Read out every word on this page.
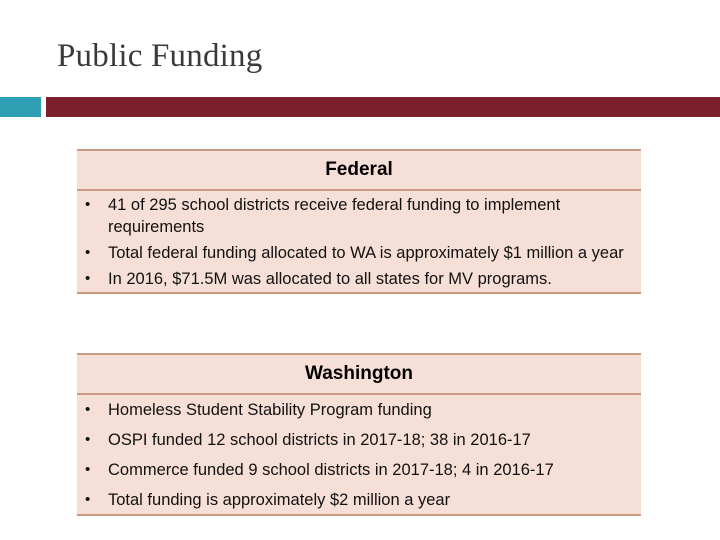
Public Funding
Federal
• 41 of 295 school districts receive federal funding to implement requirements
• Total federal funding allocated to WA is approximately $1 million a year
• In 2016, $71.5M was allocated to all states for MV programs.
Washington
• Homeless Student Stability Program funding
• OSPI funded 12 school districts in 2017-18; 38 in 2016-17
• Commerce funded 9 school districts in 2017-18; 4 in 2016-17
• Total funding is approximately $2 million a year
